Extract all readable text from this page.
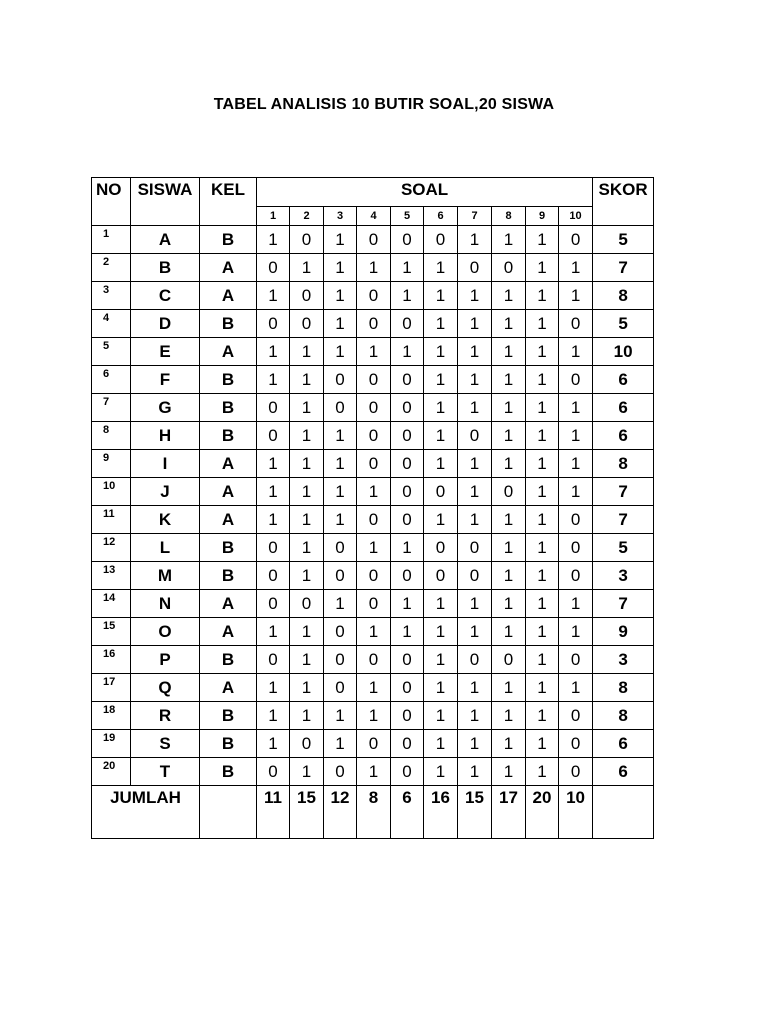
TABEL ANALISIS 10 BUTIR SOAL,20 SISWA
NO	SISWA	KEL	SOAL										SKOR
			1	2	3	4	5	6	7	8	9	10	
1	A	B	1	0	1	0	0	0	1	1	1	0	5
2	B	A	0	1	1	1	1	1	0	0	1	1	7
3	C	A	1	0	1	0	1	1	1	1	1	1	8
4	D	B	0	0	1	0	0	1	1	1	1	0	5
5	E	A	1	1	1	1	1	1	1	1	1	1	10
6	F	B	1	1	0	0	0	1	1	1	1	0	6
7	G	B	0	1	0	0	0	1	1	1	1	1	6
8	H	B	0	1	1	0	0	1	0	1	1	1	6
9	I	A	1	1	1	0	0	1	1	1	1	1	8
10	J	A	1	1	1	1	0	0	1	0	1	1	7
11	K	A	1	1	1	0	0	1	1	1	1	0	7
12	L	B	0	1	0	1	1	0	0	1	1	0	5
13	M	B	0	1	0	0	0	0	0	1	1	0	3
14	N	A	0	0	1	0	1	1	1	1	1	1	7
15	O	A	1	1	0	1	1	1	1	1	1	1	9
16	P	B	0	1	0	0	0	1	0	0	1	0	3
17	Q	A	1	1	0	1	0	1	1	1	1	1	8
18	R	B	1	1	1	1	0	1	1	1	1	0	8
19	S	B	1	0	1	0	0	1	1	1	1	0	6
20	T	B	0	1	0	1	0	1	1	1	1	0	6
JUMLAH			11	15	12	8	6	16	15	17	20	10	
